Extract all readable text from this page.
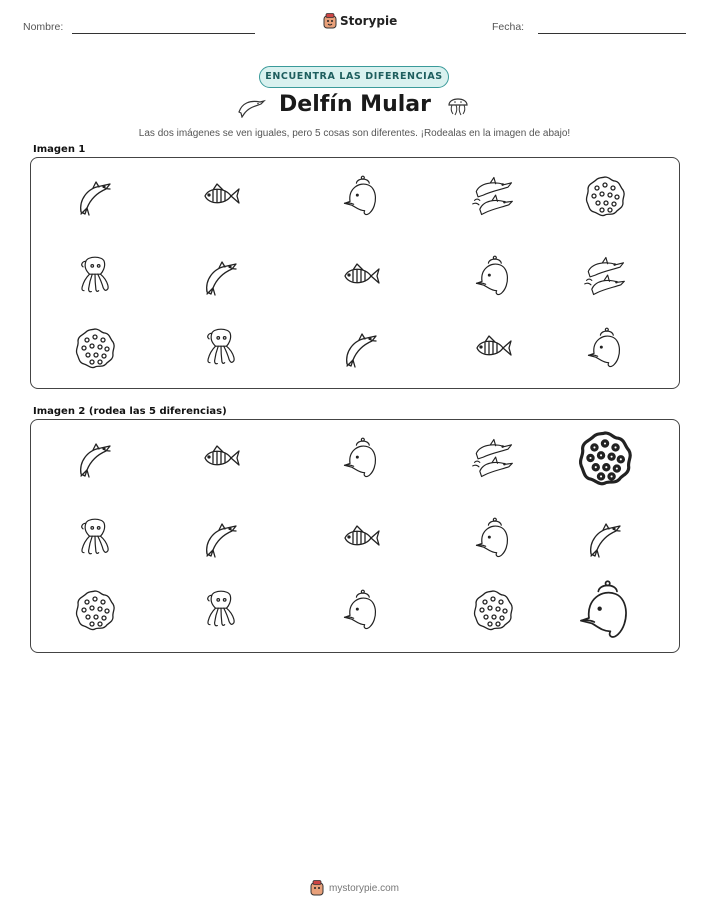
Nombre:	Storypie	Fecha:
ENCUENTRA LAS DIFERENCIAS
Delfín Mular

Las dos imágenes se ven iguales, pero 5 cosas son diferentes. ¡Rodealas en la imagen de abajo!

Imagen 1
Imagen 2 (rodea las 5 diferencias)
mystorypie.com
